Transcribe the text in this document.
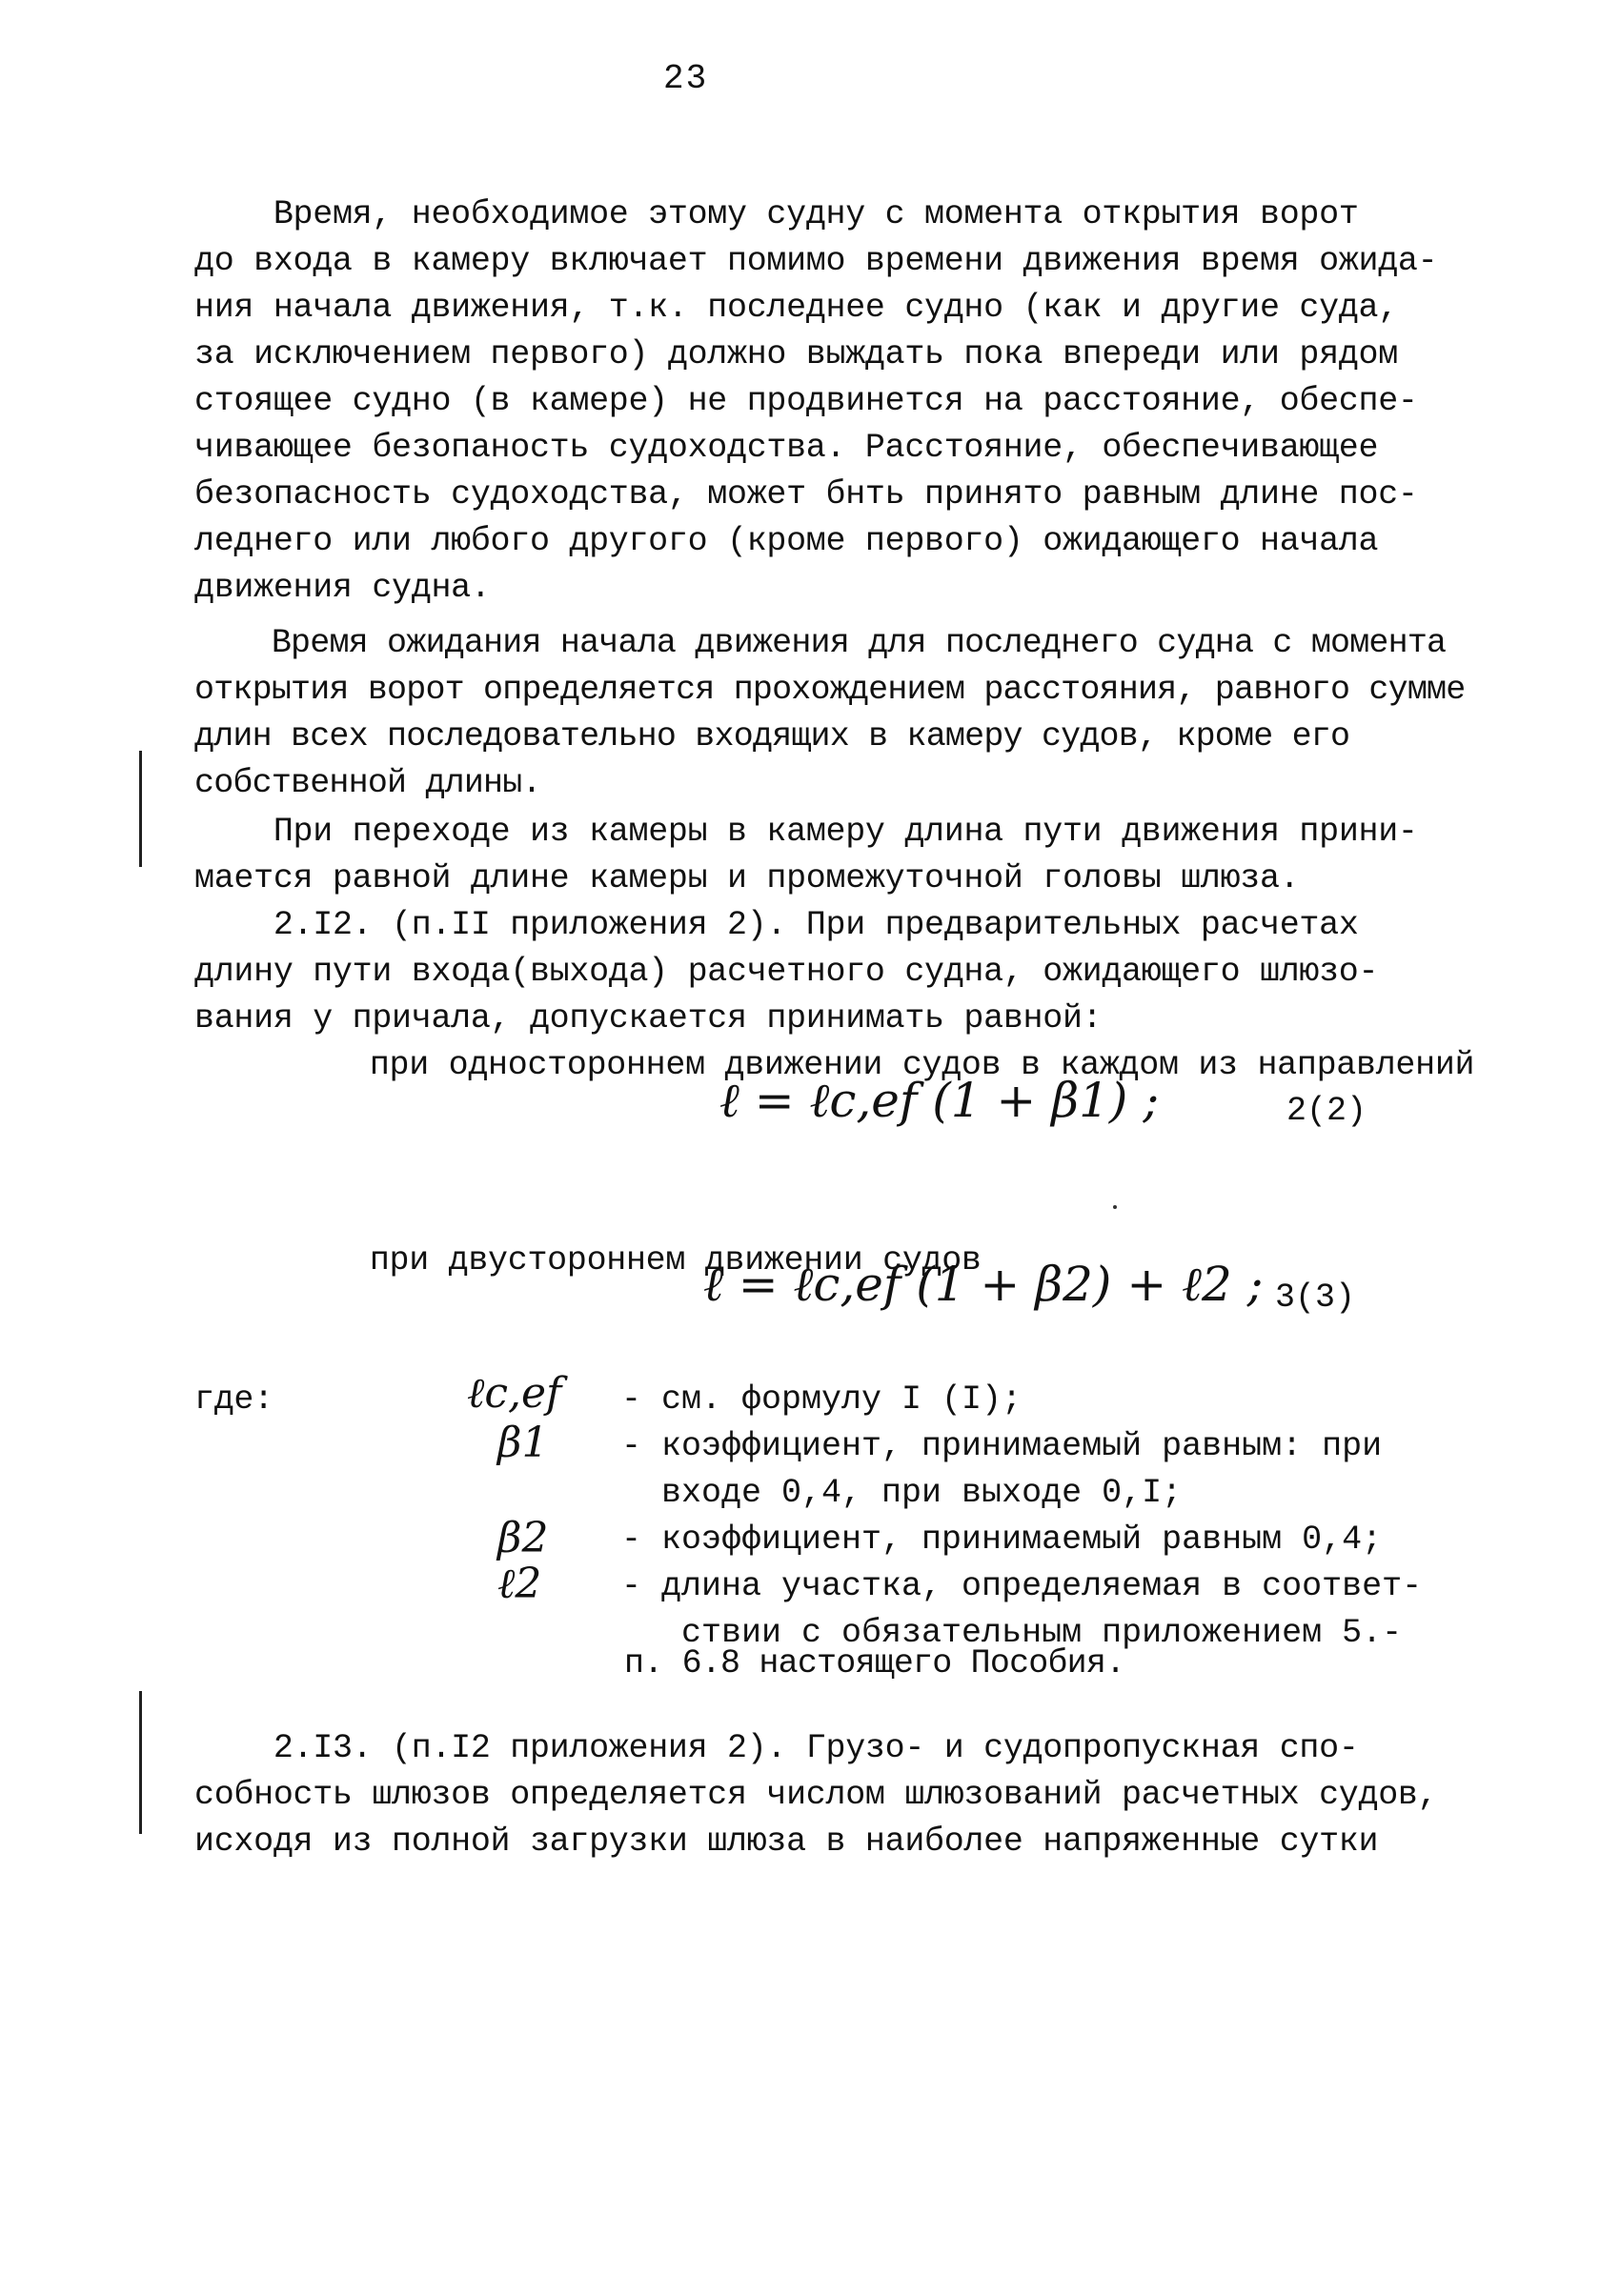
23

Время, необходимое этому судну с момента открытия ворот
до входа в камеру включает помимо времени движения время ожида-
ния начала движения, т.к. последнее судно (как и другие суда,
за исключением первого) должно выждать пока впереди или рядом
стоящее судно (в камере) не продвинется на расстояние, обеспе-
чивающее безопаность судоходства. Расстояние, обеспечивающее
безопасность судоходства, может бнть принято равным длине пос-
леднего или любого другого (кроме первого) ожидающего начала
движения судна.

Время ожидания начала движения для последнего судна с момента
открытия ворот определяется прохождением расстояния, равного сумме
длин всех последовательно входящих в камеру судов, кроме его
собственной длины.

При переходе из камеры в камеру длина пути движения прини-
мается равной длине камеры и промежуточной головы шлюза.

2.I2. (п.II приложения 2). При предварительных расчетах
длину пути входа(выхода) расчетного судна, ожидающего шлюзо-
вания у причала, допускается принимать равной:

при одностороннем движении судов в каждом из направлений

ℓ = ℓc,ef (1 + β1) ;	2(2)

при двустороннем движении судов

ℓ = ℓc,ef (1 + β2) + ℓ2 ; 3(3)
где:	ℓc,ef - см. формулу I (I);
β1 - коэффициент, принимаемый равным: при
входе 0,4, при выходе 0,I;
β2 - коэффициент, принимаемый равным 0,4;
ℓ2 - длина участка, определяемая в соответ-
ствии с обязательным приложением 5.-
п. 6.8 настоящего Пособия.

2.I3. (п.I2 приложения 2). Грузо- и судопропускная спо-
собность шлюзов определяется числом шлюзований расчетных судов,
исходя из полной загрузки шлюза в наиболее напряженные сутки
